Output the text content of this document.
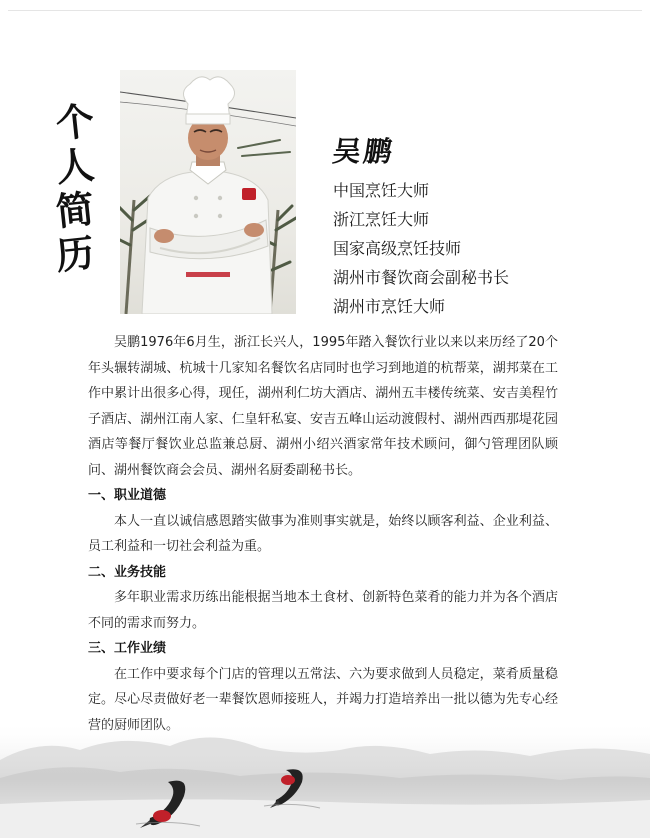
个
人
简
历
吴鹏
中国烹饪大师
浙江烹饪大师
国家高级烹饪技师
湖州市餐饮商会副秘书长
湖州市烹饪大师

吴鹏1976年6月生，浙江长兴人，1995年踏入餐饮行业以来以来历经了20个年头辗转湖城、杭城十几家知名餐饮名店同时也学习到地道的杭帮菜，湖邦菜在工作中累计出很多心得，现任，湖州利仁坊大酒店、湖州五丰楼传统菜、安吉美程竹子酒店、湖州江南人家、仁皇轩私宴、安吉五峰山运动渡假村、湖州西西那堤花园酒店等餐厅餐饮业总监兼总厨、湖州小绍兴酒家常年技术顾问，御勺管理团队顾问、湖州餐饮商会会员、湖州名厨委副秘书长。

一、职业道德

本人一直以诚信感恩踏实做事为准则事实就是，始终以顾客利益、企业利益、员工利益和一切社会利益为重。

二、业务技能

多年职业需求历练出能根据当地本土食材、创新特色菜肴的能力并为各个酒店不同的需求而努力。

三、工作业绩

在工作中要求每个门店的管理以五常法、六为要求做到人员稳定，菜肴质量稳定。尽心尽责做好老一辈餐饮恩师接班人，并竭力打造培养出一批以德为先专心经
